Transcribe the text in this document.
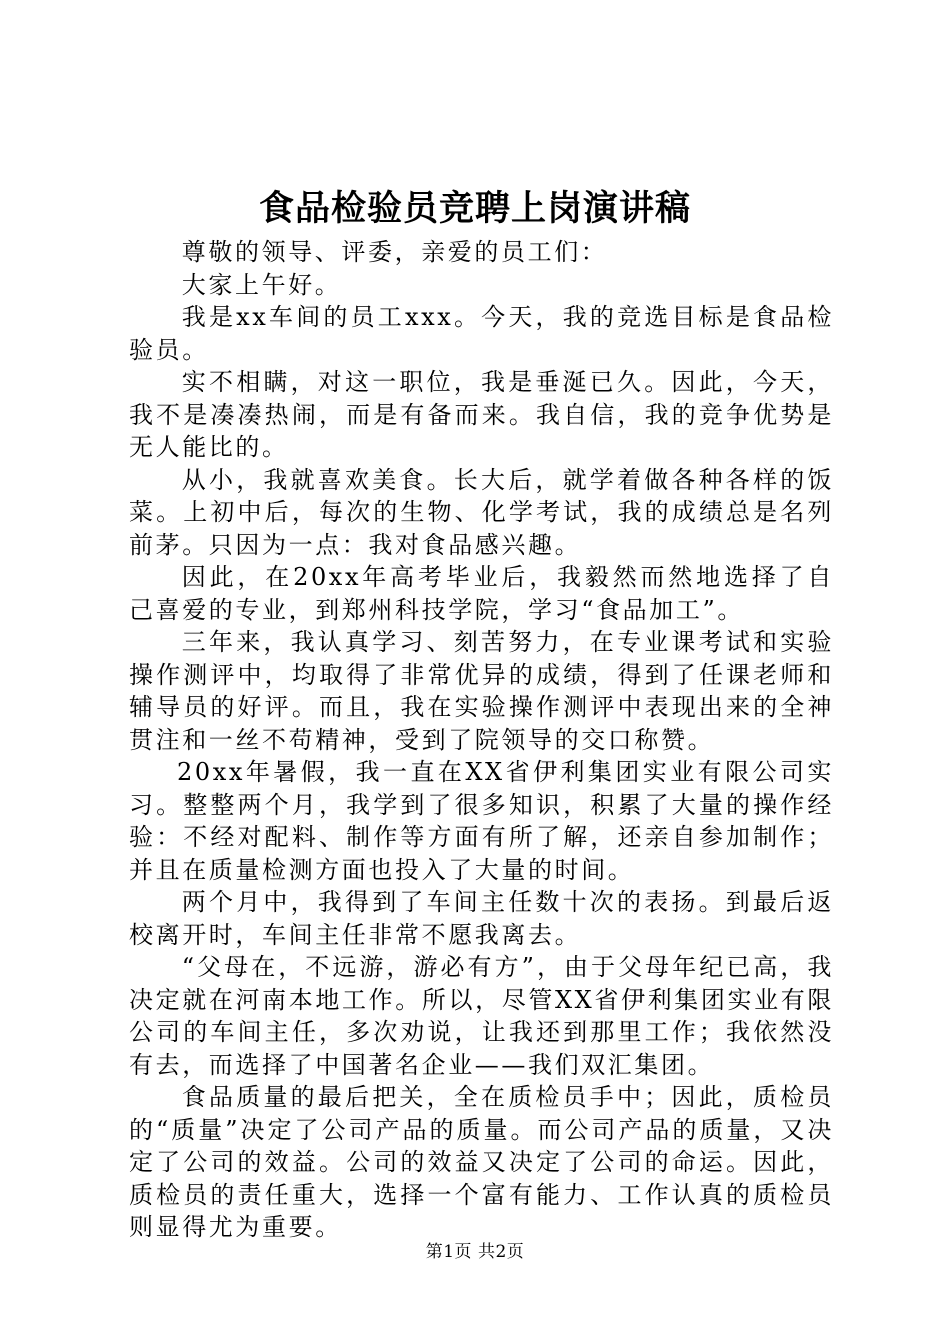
食品检验员竞聘上岗演讲稿

尊敬的领导、评委，亲爱的员工们：

大家上午好。

我是xx车间的员工xxx。今天，我的竞选目标是食品检验员。

实不相瞒，对这一职位，我是垂涎已久。因此，今天，我不是凑凑热闹，而是有备而来。我自信，我的竞争优势是无人能比的。

从小，我就喜欢美食。长大后，就学着做各种各样的饭菜。上初中后，每次的生物、化学考试，我的成绩总是名列前茅。只因为一点：我对食品感兴趣。

因此，在20xx年高考毕业后，我毅然而然地选择了自己喜爱的专业，到郑州科技学院，学习“食品加工”。

三年来，我认真学习、刻苦努力，在专业课考试和实验操作测评中，均取得了非常优异的成绩，得到了任课老师和辅导员的好评。而且，我在实验操作测评中表现出来的全神贯注和一丝不苟精神，受到了院领导的交口称赞。

20xx年暑假，我一直在XX省伊利集团实业有限公司实习。整整两个月，我学到了很多知识，积累了大量的操作经验：不经对配料、制作等方面有所了解，还亲自参加制作；并且在质量检测方面也投入了大量的时间。

两个月中，我得到了车间主任数十次的表扬。到最后返校离开时，车间主任非常不愿我离去。

“父母在，不远游，游必有方”，由于父母年纪已高，我决定就在河南本地工作。所以，尽管XX省伊利集团实业有限公司的车间主任，多次劝说，让我还到那里工作；我依然没有去，而选择了中国著名企业——我们双汇集团。

食品质量的最后把关，全在质检员手中；因此，质检员的“质量”决定了公司产品的质量。而公司产品的质量，又决定了公司的效益。公司的效益又决定了公司的命运。因此，质检员的责任重大，选择一个富有能力、工作认真的质检员则显得尤为重要。

第1页 共2页
